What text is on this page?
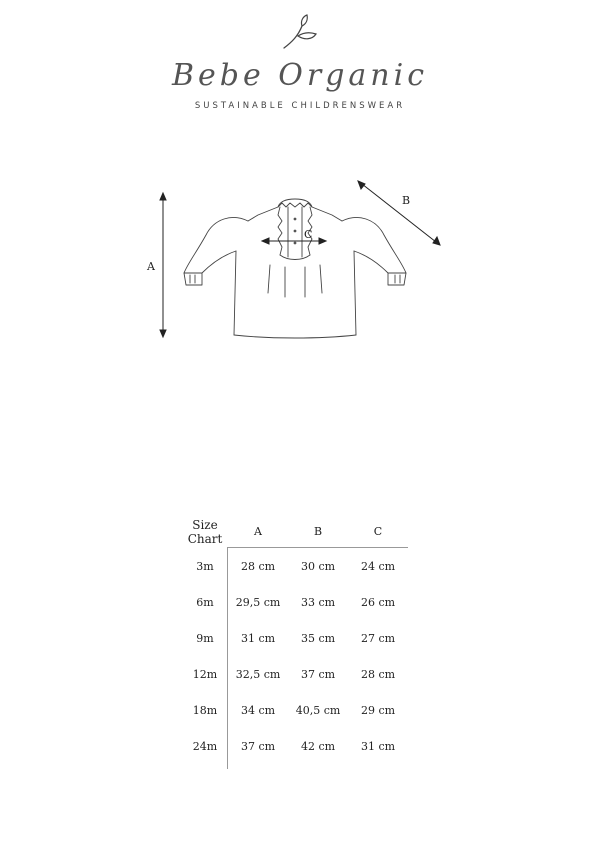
Bebe Organic
SUSTAINABLE CHILDRENSWEAR
A
B
C
Size
Chart
A	B	C
3m	28 cm	30 cm	24 cm
6m	29,5 cm	33 cm	26 cm
9m	31 cm	35 cm	27 cm
12m	32,5 cm	37 cm	28 cm
18m	34 cm	40,5 cm	29 cm
24m	37 cm	42 cm	31 cm
